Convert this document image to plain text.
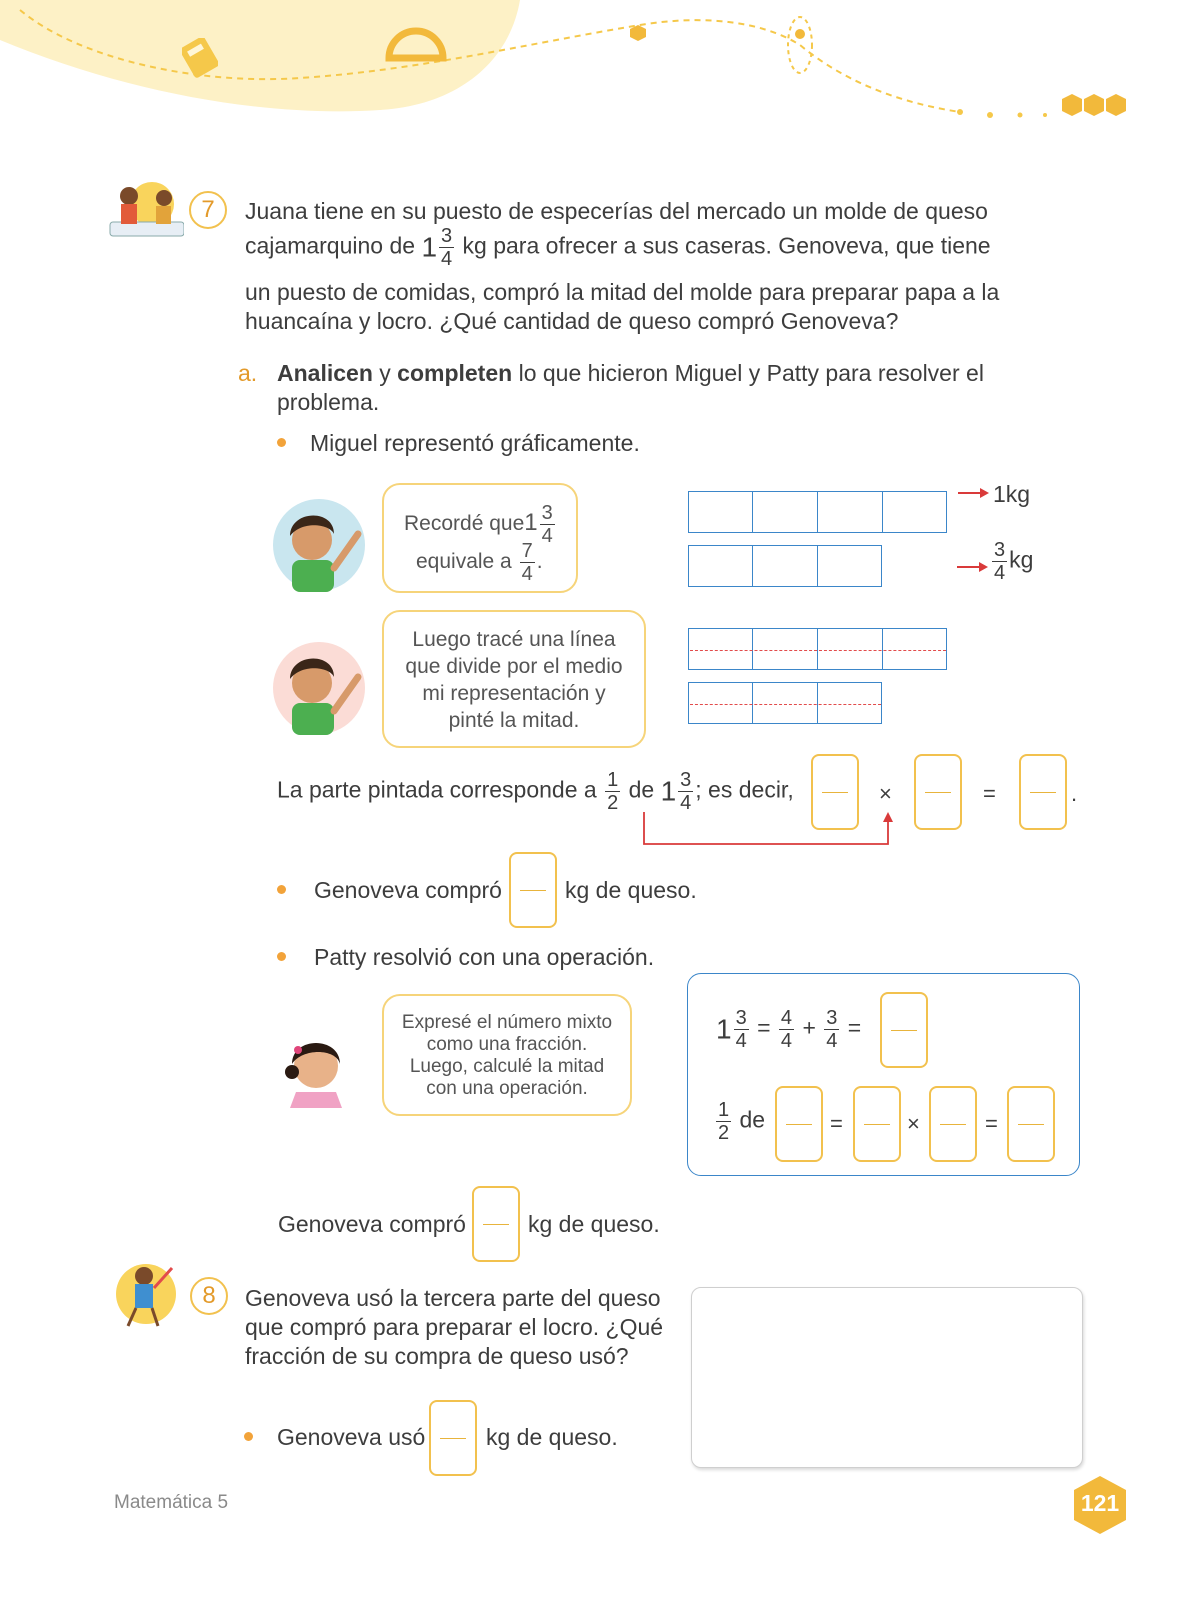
7	Juana tiene en su puesto de especerías del mercado un molde de queso
cajamarquino de $1 \frac{3}{4}$ kg para ofrecer a sus caseras. Genoveva, que tiene
un puesto de comidas, compró la mitad del molde para preparar papa a la
huancaína y locro. ¿Qué cantidad de queso compró Genoveva?
a. Analicen y completen lo que hicieron Miguel y Patty para resolver el
problema.
Miguel representó gráficamente.
Recordé $que1 \frac{3}{4}$
equivale a $\frac{7}{4}$ .
1kg
$\frac{3}{4}$ kg
Luego tracé una línea
que divide por el medio
mi representación y
pinté la mitad.
La parte pintada corresponde a $\frac{1}{2}$ de $1 \frac{3}{4}$ ; es decir,	×	=	.
Genoveva compró	kg de queso.
Patty resolvió con una operación.
Expresé el número mixto
como una fracción.
Luego, calculé la mitad
con una operación.
$1 \frac{3}{4} = \frac{4}{4} + \frac{3}{4}$ =
$\frac{1}{2}$ de	=	×	=
Genoveva compró	kg de queso.
8	Genoveva usó la tercera parte del queso
que compró para preparar el locro. ¿Qué
fracción de su compra de queso usó?
Genoveva usó	kg de queso.
Matemática 5	121
